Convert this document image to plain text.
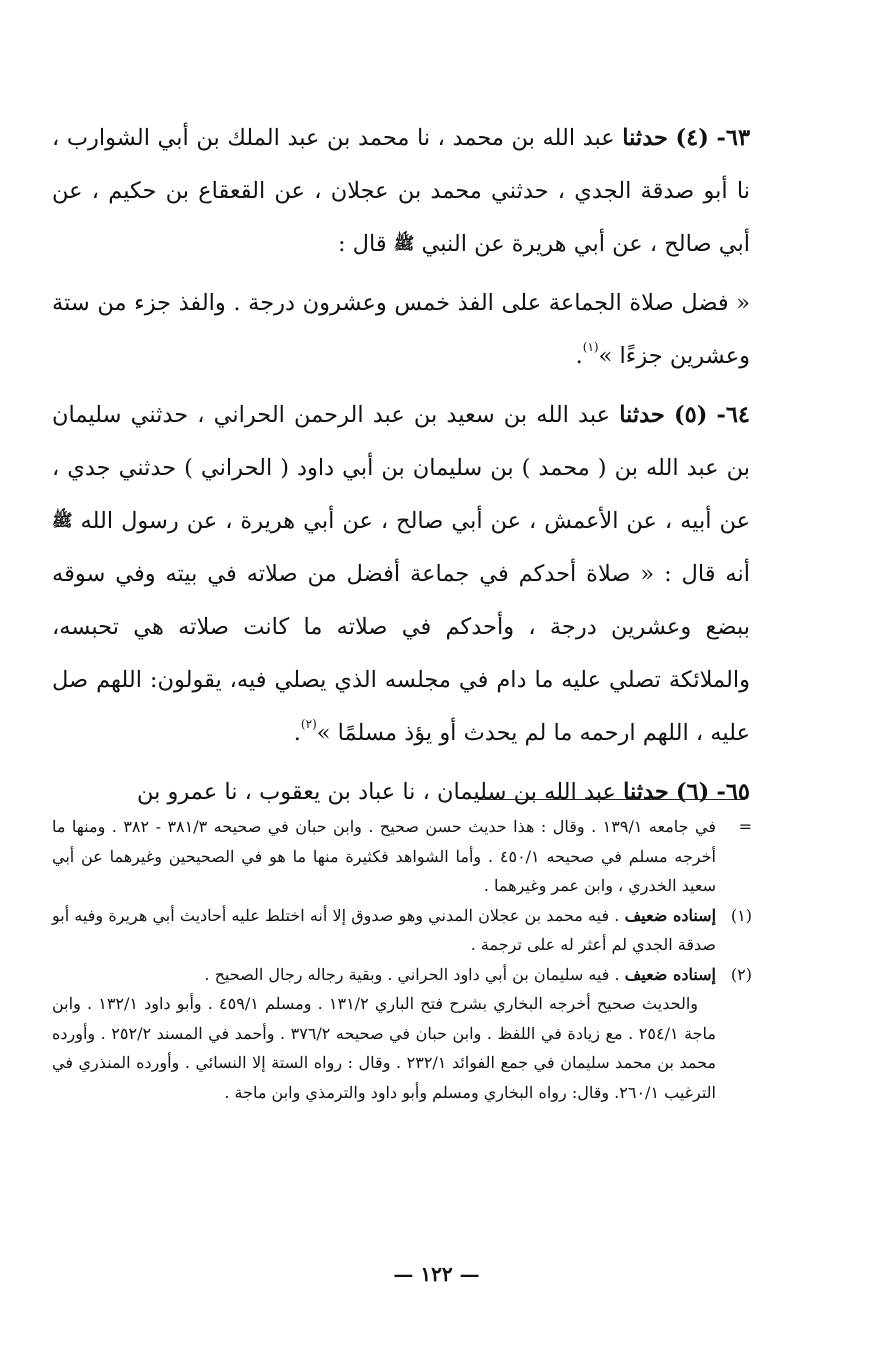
٦٣- (٤) حدثنا عبد الله بن محمد ، نا محمد بن عبد الملك بن أبي الشوارب ، نا أبو صدقة الجدي ، حدثني محمد بن عجلان ، عن القعقاع بن حكيم ، عن أبي صالح ، عن أبي هريرة عن النبي ﷺ قال :

« فضل صلاة الجماعة على الفذ خمس وعشرون درجة . والفذ جزء من ستة وعشرين جزءًا »$^{(١)}$.

٦٤- (٥) حدثنا عبد الله بن سعيد بن عبد الرحمن الحراني ، حدثني سليمان بن عبد الله بن ( محمد ) بن سليمان بن أبي داود ( الحراني ) حدثني جدي ، عن أبيه ، عن الأعمش ، عن أبي صالح ، عن أبي هريرة ، عن رسول الله ﷺ أنه قال : « صلاة أحدكم في جماعة أفضل من صلاته في بيته وفي سوقه ببضع وعشرين درجة ، وأحدكم في صلاته ما كانت صلاته هي تحبسه، والملائكة تصلي عليه ما دام في مجلسه الذي يصلي فيه، يقولون: اللهم صل عليه ، اللهم ارحمه ما لم يحدث أو يؤذ مسلمًا »$^{(٢)}$.

٦٥- (٦) حدثنا عبد الله بن سليمان ، نا عباد بن يعقوب ، نا عمرو بن

=
في جامعه ١٣٩/١ . وقال : هذا حديث حسن صحيح . وابن حبان في صحيحه ٣٨١/٣ - ٣٨٢ . ومنها ما أخرجه مسلم في صحيحه ٤٥٠/١ . وأما الشواهد فكثيرة منها ما هو في الصحيحين وغيرهما عن أبي سعيد الخدري ، وابن عمر وغيرهما .
(١)
إسناده ضعيف . فيه محمد بن عجلان المدني وهو صدوق إلا أنه اختلط عليه أحاديث أبي هريرة وفيه أبو صدقة الجدي لم أعثر له على ترجمة .
(٢)
إسناده ضعيف . فيه سليمان بن أبي داود الحراني . وبقية رجاله رجال الصحيح .
والحديث صحيح أخرجه البخاري بشرح فتح الباري ١٣١/٢ . ومسلم ٤٥٩/١ . وأبو داود ١٣٢/١ . وابن ماجة ٢٥٤/١ . مع زيادة في اللفظ . وابن حبان في صحيحه ٣٧٦/٢ . وأحمد في المسند ٢٥٢/٢ . وأورده محمد بن محمد سليمان في جمع الفوائد ٢٣٢/١ . وقال : رواه الستة إلا النسائي . وأورده المنذري في الترغيب ٢٦٠/١. وقال: رواه البخاري ومسلم وأبو داود والترمذي وابن ماجة .
— ١٢٢ —
